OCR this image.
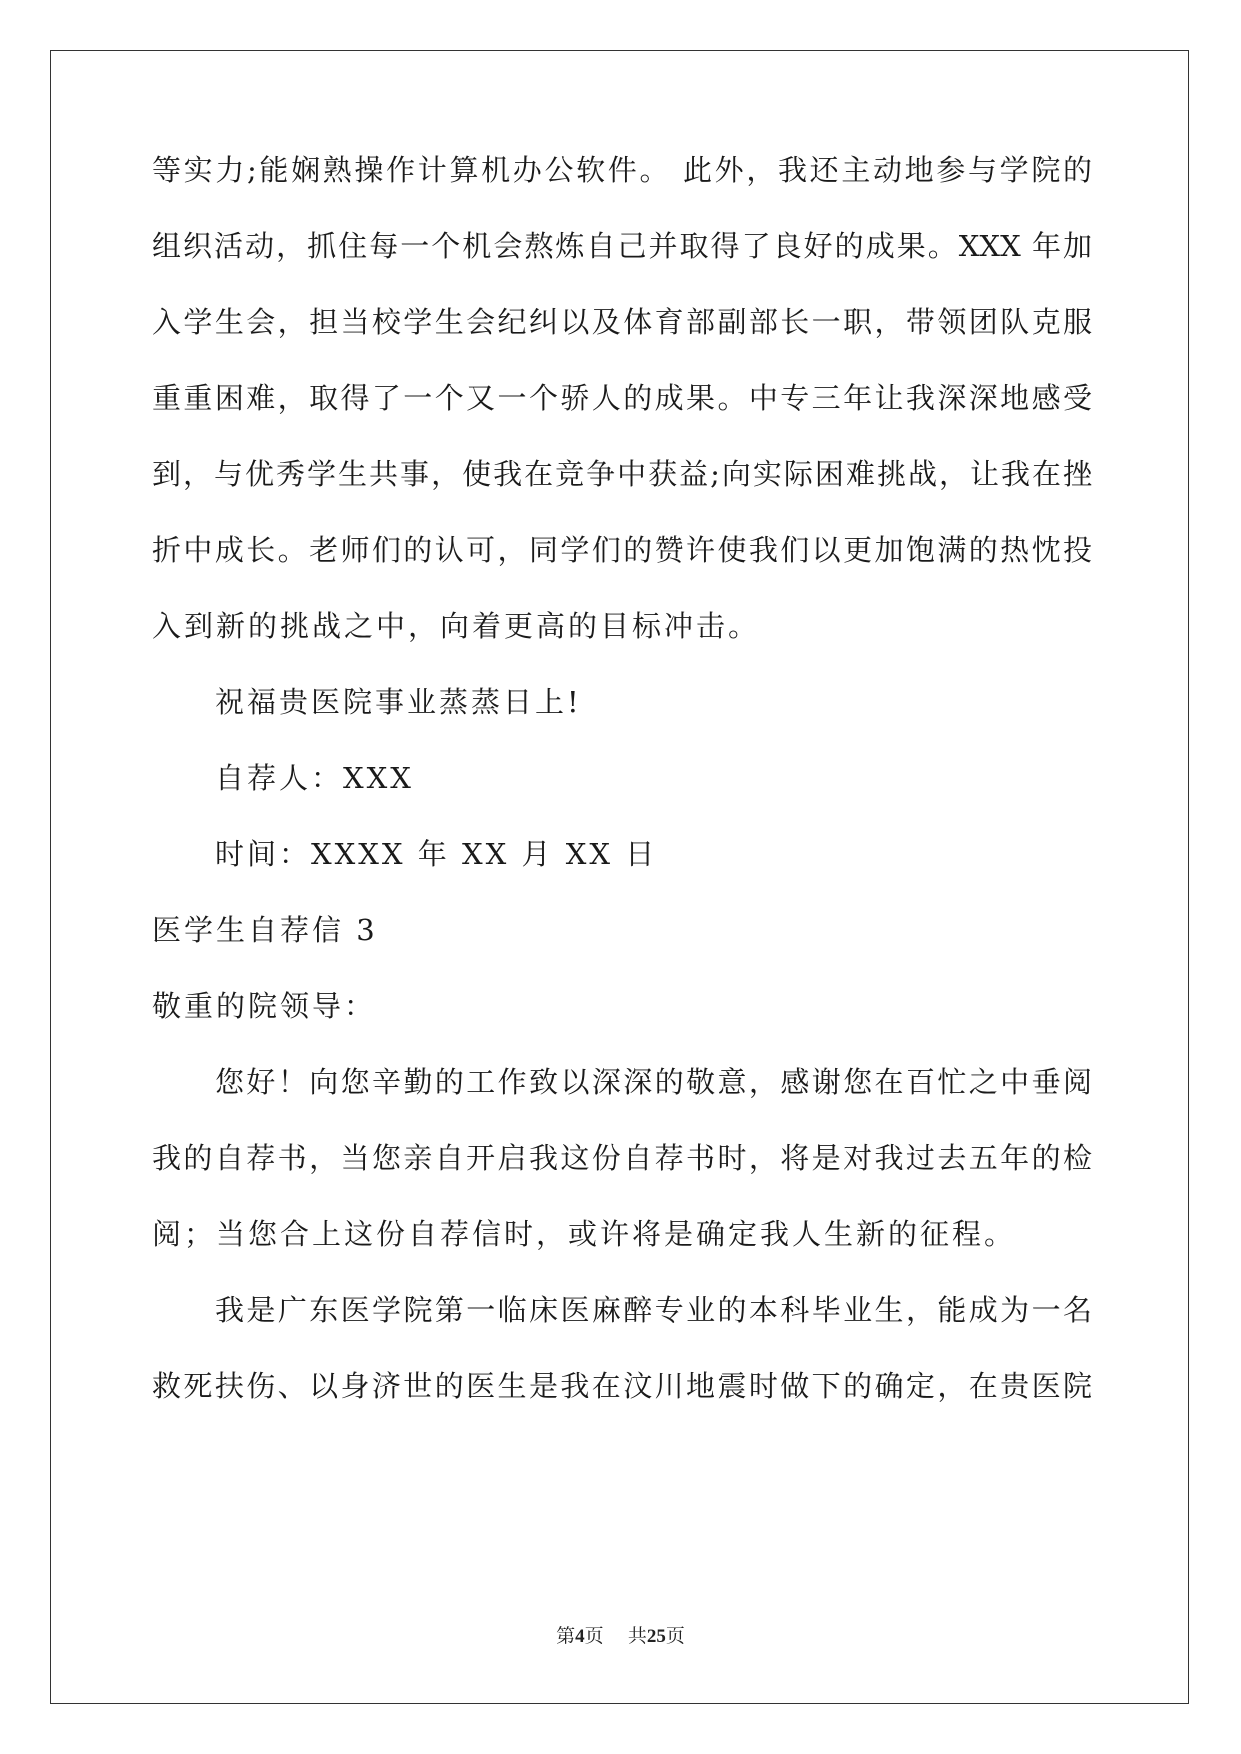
等实力;能娴熟操作计算机办公软件。 此外，我还主动地参与学院的
组织活动，抓住每一个机会熬炼自己并取得了良好的成果。XXX 年加
入学生会，担当校学生会纪纠以及体育部副部长一职，带领团队克服
重重困难，取得了一个又一个骄人的成果。中专三年让我深深地感受
到，与优秀学生共事，使我在竞争中获益;向实际困难挑战，让我在挫
折中成长。老师们的认可，同学们的赞许使我们以更加饱满的热忱投
入到新的挑战之中，向着更高的目标冲击。
祝福贵医院事业蒸蒸日上!
自荐人：XXX
时间：XXXX 年 XX 月 XX 日
医学生自荐信 3
敬重的院领导：
您好！向您辛勤的工作致以深深的敬意，感谢您在百忙之中垂阅
我的自荐书，当您亲自开启我这份自荐书时，将是对我过去五年的检
阅；当您合上这份自荐信时，或许将是确定我人生新的征程。
我是广东医学院第一临床医麻醉专业的本科毕业生，能成为一名
救死扶伤、以身济世的医生是我在汶川地震时做下的确定，在贵医院
第4页 共25页
